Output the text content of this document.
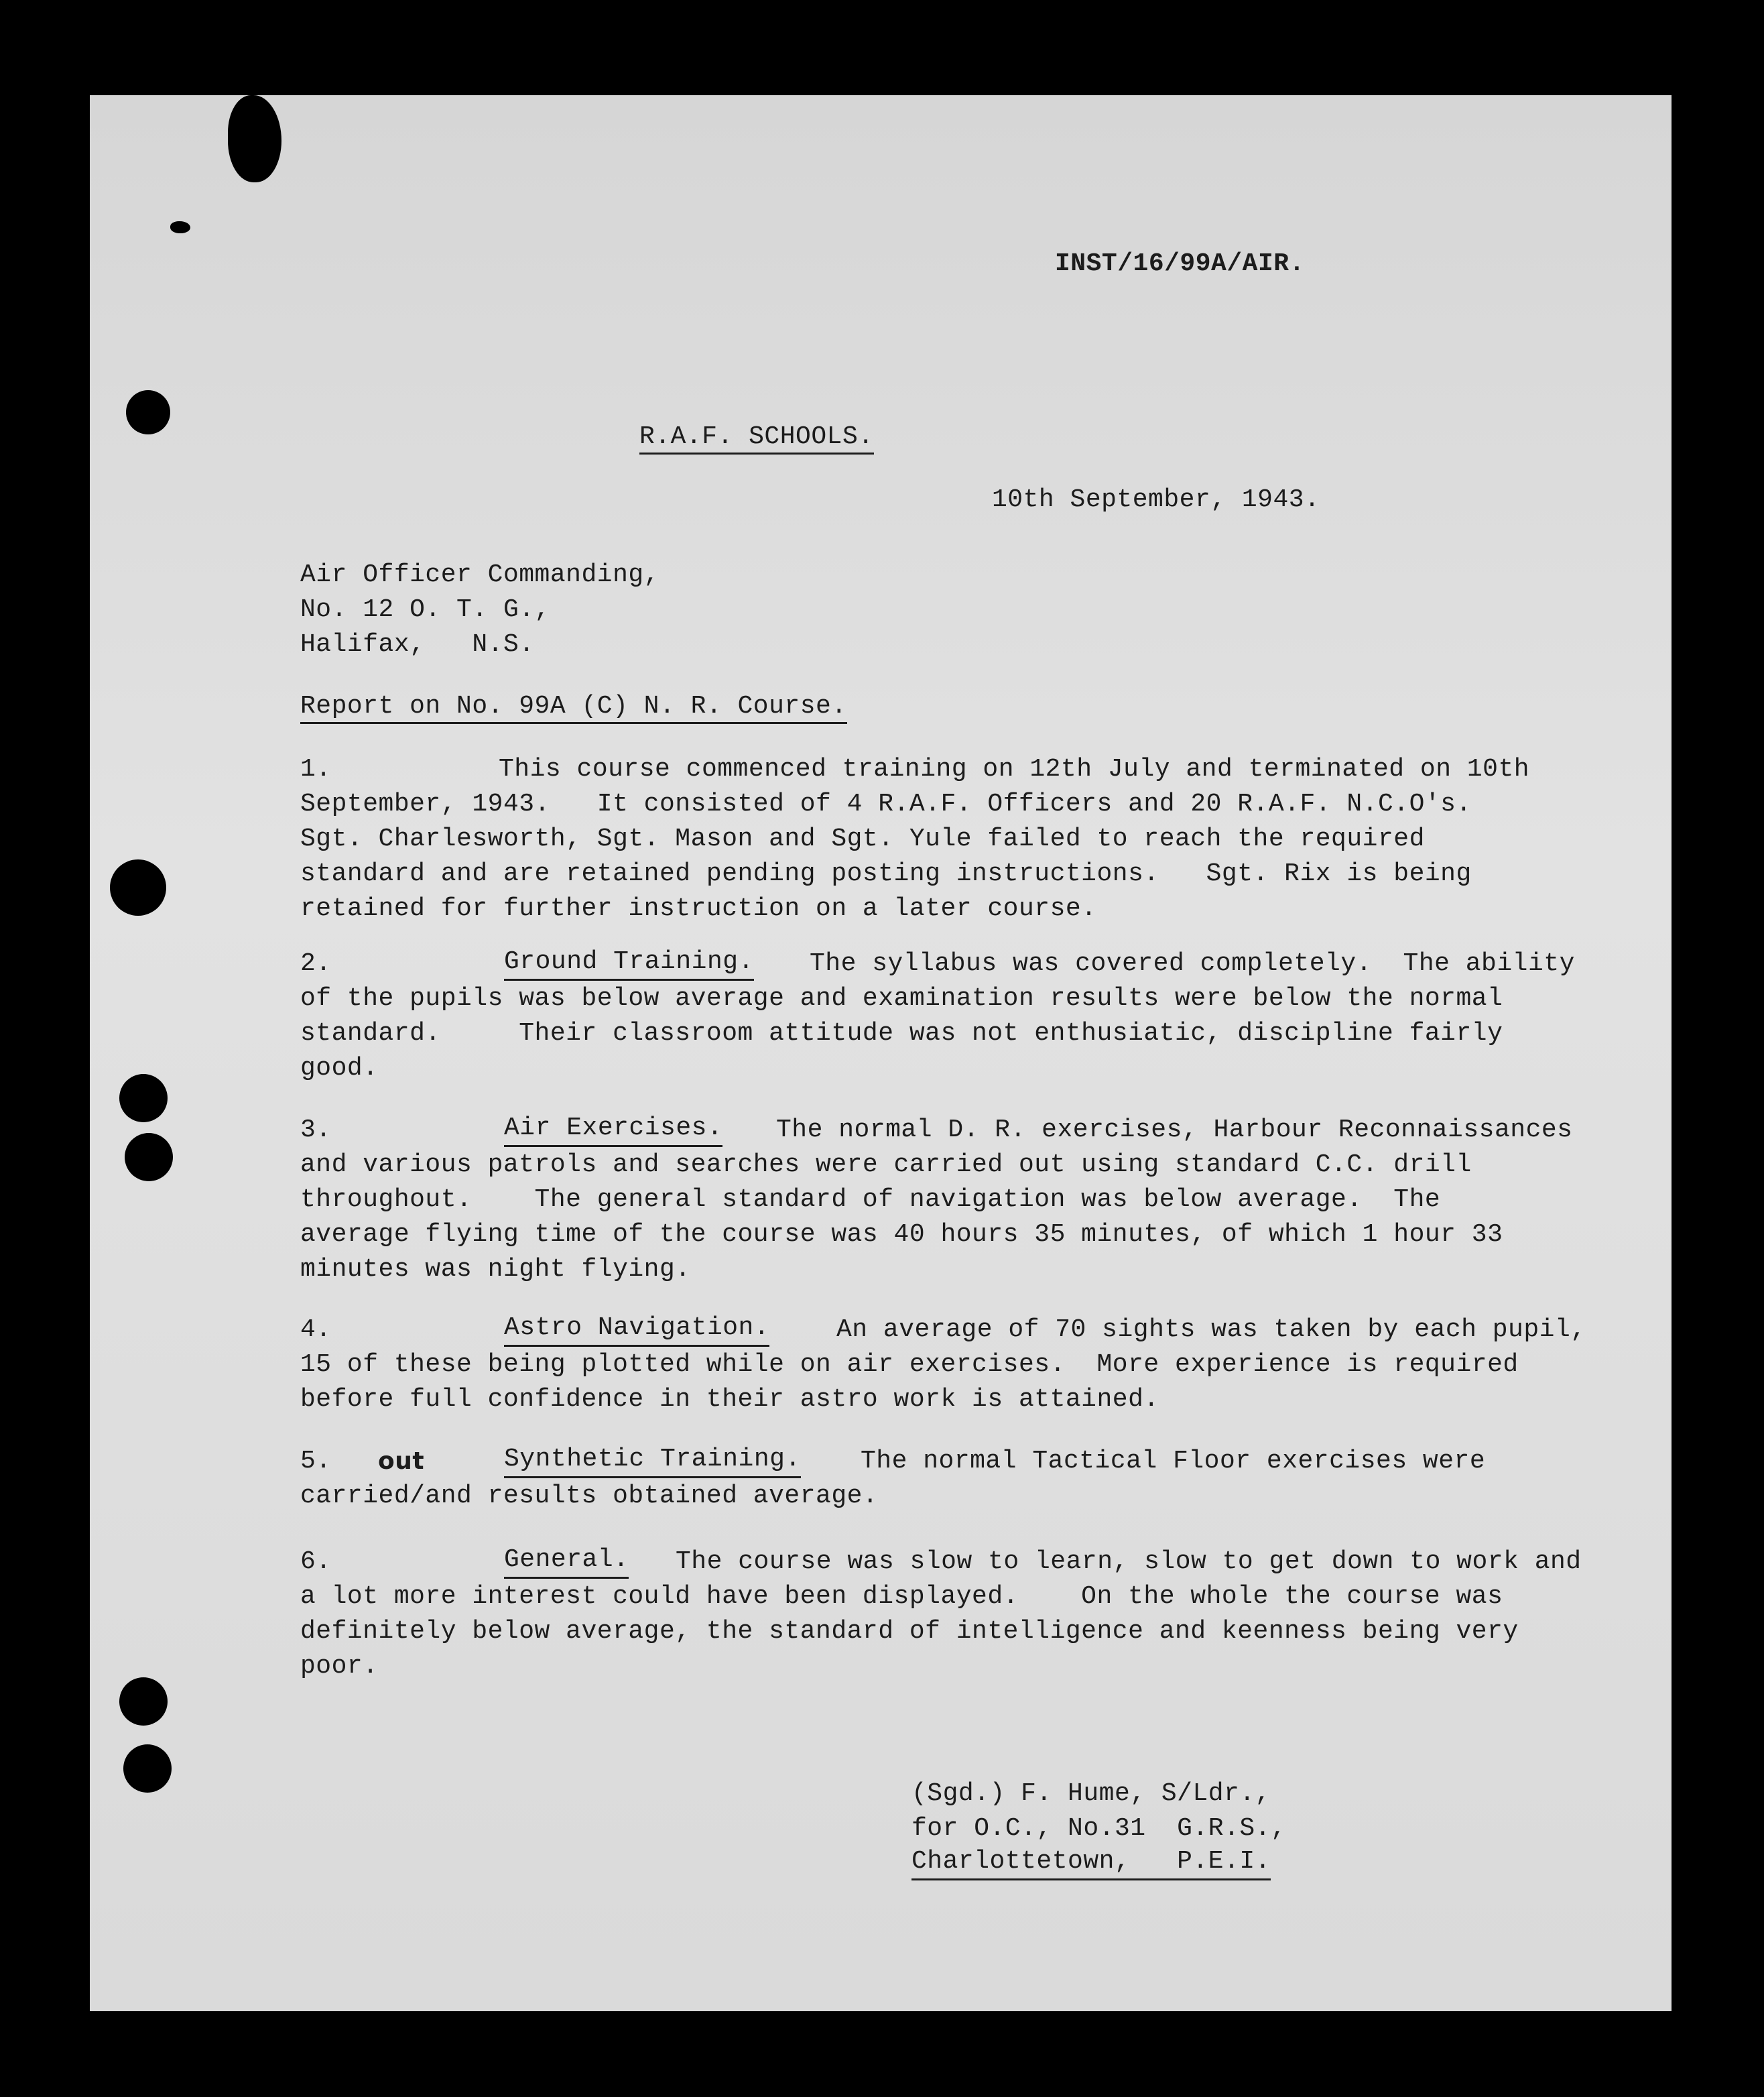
INST/16/99A/AIR.
R.A.F. SCHOOLS.
10th September, 1943.

Air Officer Commanding,

No. 12 O. T. G.,

Halifax,   N.S.

Report on No. 99A (C) N. R. Course.

1.

	This course commenced training on 12th July and terminated on 10th

September, 1943.   It consisted of 4 R.A.F. Officers and 20 R.A.F. N.C.O's.

Sgt. Charlesworth, Sgt. Mason and Sgt. Yule failed to reach the required

standard and are retained pending posting instructions.   Sgt. Rix is being

retained for further instruction on a later course.

2.

	Ground Training.

The syllabus was covered completely.  The ability

of the pupils was below average and examination results were below the normal

standard.     Their classroom attitude was not enthusiatic, discipline fairly

good.

3.

	Air Exercises.

The normal D. R. exercises, Harbour Reconnaissances

and various patrols and searches were carried out using standard C.C. drill

throughout.    The general standard of navigation was below average.  The

average flying time of the course was 40 hours 35 minutes, of which 1 hour 33

minutes was night flying.

4.

	Astro Navigation.

	An average of 70 sights was taken by each pupil,

15 of these being plotted while on air exercises.  More experience is required

before full confidence in their astro work is attained.

5.

out

	Synthetic Training.

The normal Tactical Floor exercises were

carried/and results obtained average.

6.

	General.

The course was slow to learn, slow to get down to work and

a lot more interest could have been displayed.    On the whole the course was

definitely below average, the standard of intelligence and keenness being very

poor.

(Sgd.) F. Hume, S/Ldr.,

for O.C., No.31  G.R.S.,

Charlottetown,   P.E.I.
